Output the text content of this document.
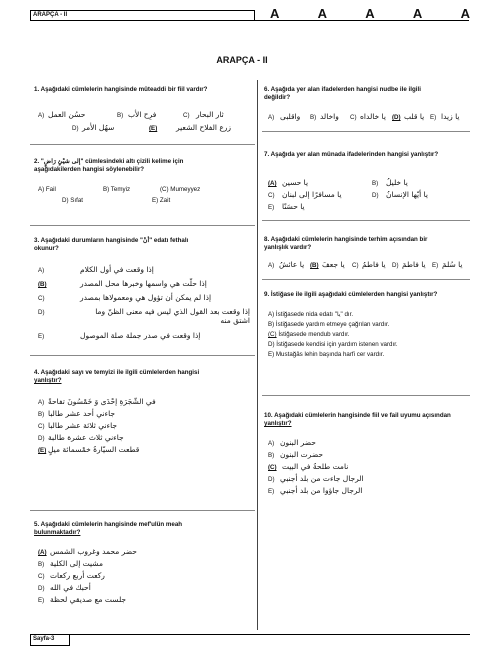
ARAPÇA - II	A	A	A	A	A
ARAPÇA - II
1. Aşağıdaki cümlelerin hangisinde müteaddi bir fiil vardır?
A) حسُن العمل	B) فرِح الأب	C) ثار البحار
D) سهُل الأمر	(E)	زرع الفلاح الشعير
2. "إلى شيْئٍ رَاضٍ" cümlesindeki altı çizili kelime için
aşağıdakilerden hangisi söylenebilir?
A) Fail	B) Temyiz	(C) Mumeyyez
D) Sıfat	E) Zait
3. Aşağıdaki durumların hangisinde "أنْ" edatı fethalı
okunur?
A)	إذا وقعت في أول الكلام
(B)	إذا حلّت هي واسمها وخبرها محل المصدر
C)	إذا لم يمكن أن تؤول هي ومعمولاها بمصدر
D)	إذا وقعت بعد القول الذي ليس فيه معنى الظنّ وما اشتق منه
E)	إذا وقعت في صدر جملة صلة الموصول
4. Aşağıdaki sayı ve temyizi ile ilgili cümlelerden hangisi
yanlıştır?
A) في الشّجَرَةِ إحْدَى وَ خَمْسُونَ تفاحةً
B) جاءني أحد عشر طالبا
C) جاءني ثلاثة عشر طالبا
D) جاءني ثلاث عشرة طالبة
(E) قطعت السيّارةُ خمْسمائة ميلٍ
5. Aşağıdaki cümlelerin hangisinde mef'ulün meah
bulunmaktadır?
(A) حضر محمد وغروب الشمس
B) مشيت إلى الكلية
C) ركعت أربع ركعات
D) أحبك في الله
E) جلست مع صديقي لحظة
6. Aşağıda yer alan ifadelerden hangisi nudbe ile ilgili
değildir?
A) واقلبى B) واخالد C) يا خالداه (D) يا قلب E) يا زيدا
7. Aşağıda yer alan münada ifadelerinden hangisi yanlıştır?
(A) يا حسين	B) يا خليلُ
C) يا مسافرًا إلى لبنان	D) يا أيّها الإنسانُ
E) يا حسَنًا
8. Aşağıdaki cümlelerin hangisinde terhim açısından bir
yanlışlık vardır?
A) يا عائشُ (B) يا جعفَ C) يا فاطمُ D) يا فاطمَ E) يا سُلمَ
9. İstiğase ile ilgili aşağıdaki cümlelerden hangisi yanlıştır?
A) İstiğasede nida edatı "يا" dır.
B) İstiğasede yardım etmeye çağrılan vardır.
(C) İstiğasede mendub vardır.
D) İstiğasede kendisi için yardım istenen vardır.
E) Mustağâs lehin başında harfi cer vardır.
10. Aşağıdaki cümlelerin hangisinde fiil ve fail uyumu açısından
yanlıştır?
A) حضر البنون
B) حضرت البنون
(C) نامت طلحةُ في البيت
D) الرجال جاءت من بلد أجنبي
E) الرجال جاؤوا من بلد أجنبي
Sayfa-3
